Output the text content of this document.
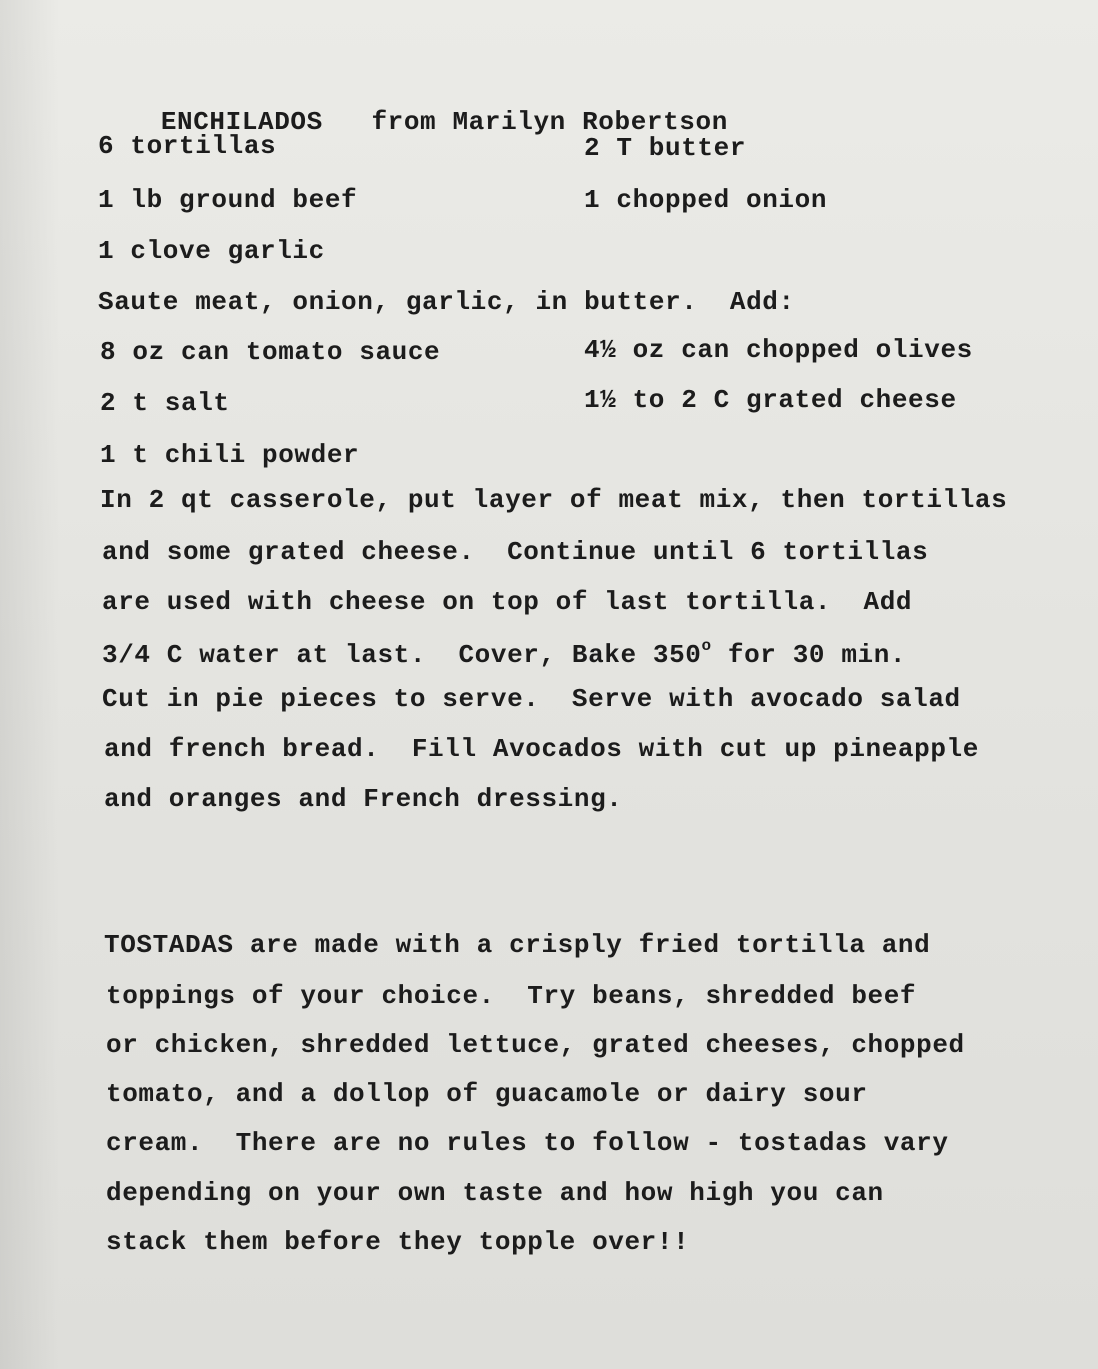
ENCHILADOS from Marilyn Robertson

6 tortillas
1 lb ground beef
1 clove garlic
2 T butter
1 chopped onion
Saute meat, onion, garlic, in butter.  Add:
8 oz can tomato sauce
2 t salt
1 t chili powder
4½ oz can chopped olives
1½ to 2 C grated cheese
In 2 qt casserole, put layer of meat mix, then tortillas
and some grated cheese.  Continue until 6 tortillas
are used with cheese on top of last tortilla.  Add
3/4 C water at last.  Cover, Bake 350$^o$ for 30 min.
Cut in pie pieces to serve.  Serve with avocado salad
and french bread.  Fill Avocados with cut up pineapple
and oranges and French dressing.
TOSTADAS are made with a crisply fried tortilla and
toppings of your choice.  Try beans, shredded beef
or chicken, shredded lettuce, grated cheeses, chopped
tomato, and a dollop of guacamole or dairy sour
cream.  There are no rules to follow - tostadas vary
depending on your own taste and how high you can
stack them before they topple over!!
